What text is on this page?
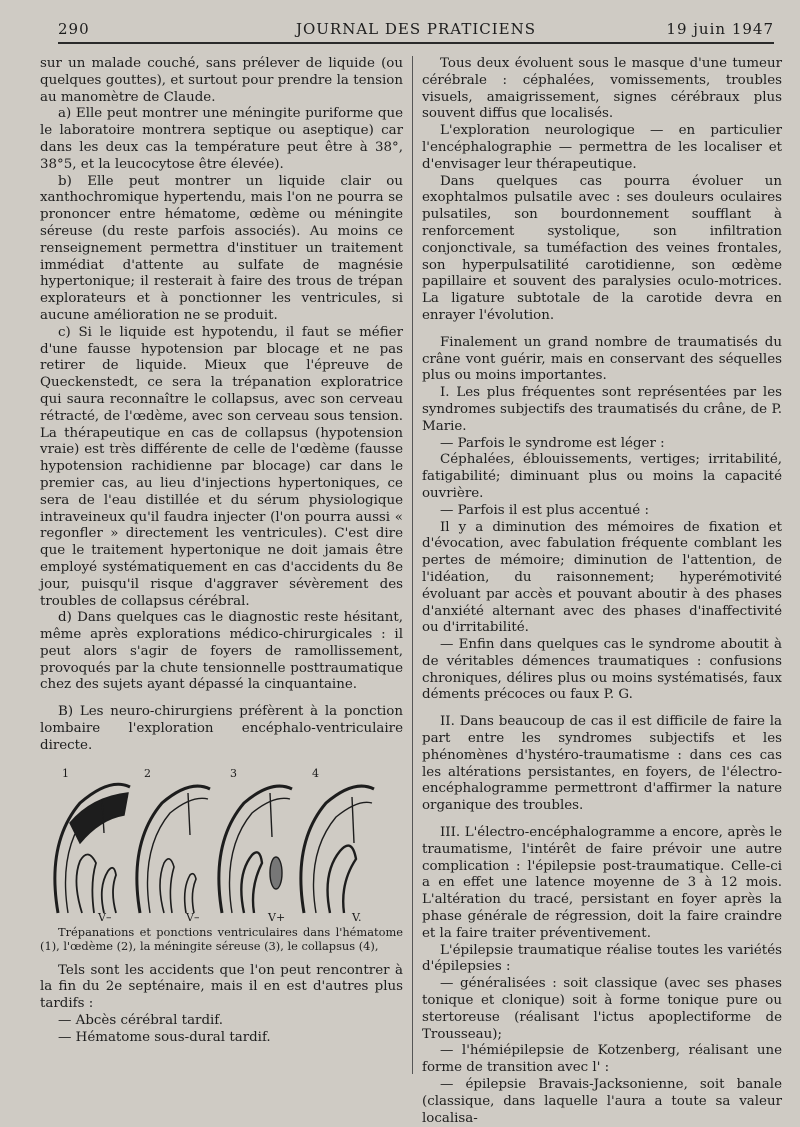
290	JOURNAL DES PRATICIENS	19 juin 1947

sur un malade couché, sans prélever de liquide (ou quelques gouttes), et surtout pour prendre la tension au manomètre de Claude.

a) Elle peut montrer une méningite puriforme que le laboratoire montrera septique ou aseptique) car dans les deux cas la température peut être à 38°, 38°5, et la leucocytose être élevée).

b) Elle peut montrer un liquide clair ou xanthochromique hypertendu, mais l'on ne pourra se prononcer entre hématome, œdème ou méningite séreuse (du reste parfois associés). Au moins ce renseignement permettra d'instituer un traitement immédiat d'attente au sulfate de magnésie hypertonique; il resterait à faire des trous de trépan explorateurs et à ponctionner les ventricules, si aucune amélioration ne se produit.

c) Si le liquide est hypotendu, il faut se méfier d'une fausse hypotension par blocage et ne pas retirer de liquide. Mieux que l'épreuve de Queckenstedt, ce sera la trépanation exploratrice qui saura reconnaître le collapsus, avec son cerveau rétracté, de l'œdème, avec son cerveau sous tension. La thérapeutique en cas de collapsus (hypotension vraie) est très différente de celle de l'œdème (fausse hypotension rachidienne par blocage) car dans le premier cas, au lieu d'injections hypertoniques, ce sera de l'eau distillée et du sérum physiologique intraveineux qu'il faudra injecter (l'on pourra aussi « regonfler » directement les ventricules). C'est dire que le traitement hypertonique ne doit jamais être employé systématiquement en cas d'accidents du 8e jour, puisqu'il risque d'aggraver sévèrement des troubles de collapsus cérébral.

d) Dans quelques cas le diagnostic reste hésitant, même après explorations médico-chirurgicales : il peut alors s'agir de foyers de ramollissement, provoqués par la chute tensionnelle posttraumatique chez des sujets ayant dépassé la cinquantaine.

B) Les neuro-chirurgiens préfèrent à la ponction lombaire l'exploration encéphalo-ventriculaire directe.

1	2	3	4
V–	V–	V+	V.
Trépanations et ponctions ventriculaires dans l'hématome (1), l'œdème (2), la méningite séreuse (3), le collapsus (4),

Tels sont les accidents que l'on peut rencontrer à la fin du 2e septénaire, mais il en est d'autres plus tardifs :

— Abcès cérébral tardif.

— Hématome sous-dural tardif.

Tous deux évoluent sous le masque d'une tumeur cérébrale : céphalées, vomissements, troubles visuels, amaigrissement, signes cérébraux plus souvent diffus que localisés.

L'exploration neurologique — en particulier l'encéphalographie — permettra de les localiser et d'envisager leur thérapeutique.

Dans quelques cas pourra évoluer un exophtalmos pulsatile avec : ses douleurs oculaires pulsatiles, son bourdonnement soufflant à renforcement systolique, son infiltration conjonctivale, sa tuméfaction des veines frontales, son hyperpulsatilité carotidienne, son œdème papillaire et souvent des paralysies oculo-motrices. La ligature subtotale de la carotide devra en enrayer l'évolution.

Finalement un grand nombre de traumatisés du crâne vont guérir, mais en conservant des séquelles plus ou moins importantes.

I. Les plus fréquentes sont représentées par les syndromes subjectifs des traumatisés du crâne, de P. Marie.

— Parfois le syndrome est léger :

Céphalées, éblouissements, vertiges; irritabilité, fatigabilité; diminuant plus ou moins la capacité ouvrière.

— Parfois il est plus accentué :

Il y a diminution des mémoires de fixation et d'évocation, avec fabulation fréquente comblant les pertes de mémoire; diminution de l'attention, de l'idéation, du raisonnement; hyperémotivité évoluant par accès et pouvant aboutir à des phases d'anxiété alternant avec des phases d'inaffectivité ou d'irritabilité.

— Enfin dans quelques cas le syndrome aboutit à de véritables démences traumatiques : confusions chroniques, délires plus ou moins systématisés, faux déments précoces ou faux P. G.

II. Dans beaucoup de cas il est difficile de faire la part entre les syndromes subjectifs et les phénomènes d'hystéro-traumatisme : dans ces cas les altérations persistantes, en foyers, de l'électro-encéphalogramme permettront d'affirmer la nature organique des troubles.

III. L'électro-encéphalogramme a encore, après le traumatisme, l'intérêt de faire prévoir une autre complication : l'épilepsie post-traumatique. Celle-ci a en effet une latence moyenne de 3 à 12 mois. L'altération du tracé, persistant en foyer après la phase générale de régression, doit la faire craindre et la faire traiter préventivement.

L'épilepsie traumatique réalise toutes les variétés d'épilepsies :

— généralisées : soit classique (avec ses phases tonique et clonique) soit à forme tonique pure ou stertoreuse (réalisant l'ictus apoplectiforme de Trousseau);

— l'hémiépilepsie de Kotzenberg, réalisant une forme de transition avec l' :

— épilepsie Bravais-Jacksonienne, soit banale (classique, dans laquelle l'aura a toute sa valeur localisa-
